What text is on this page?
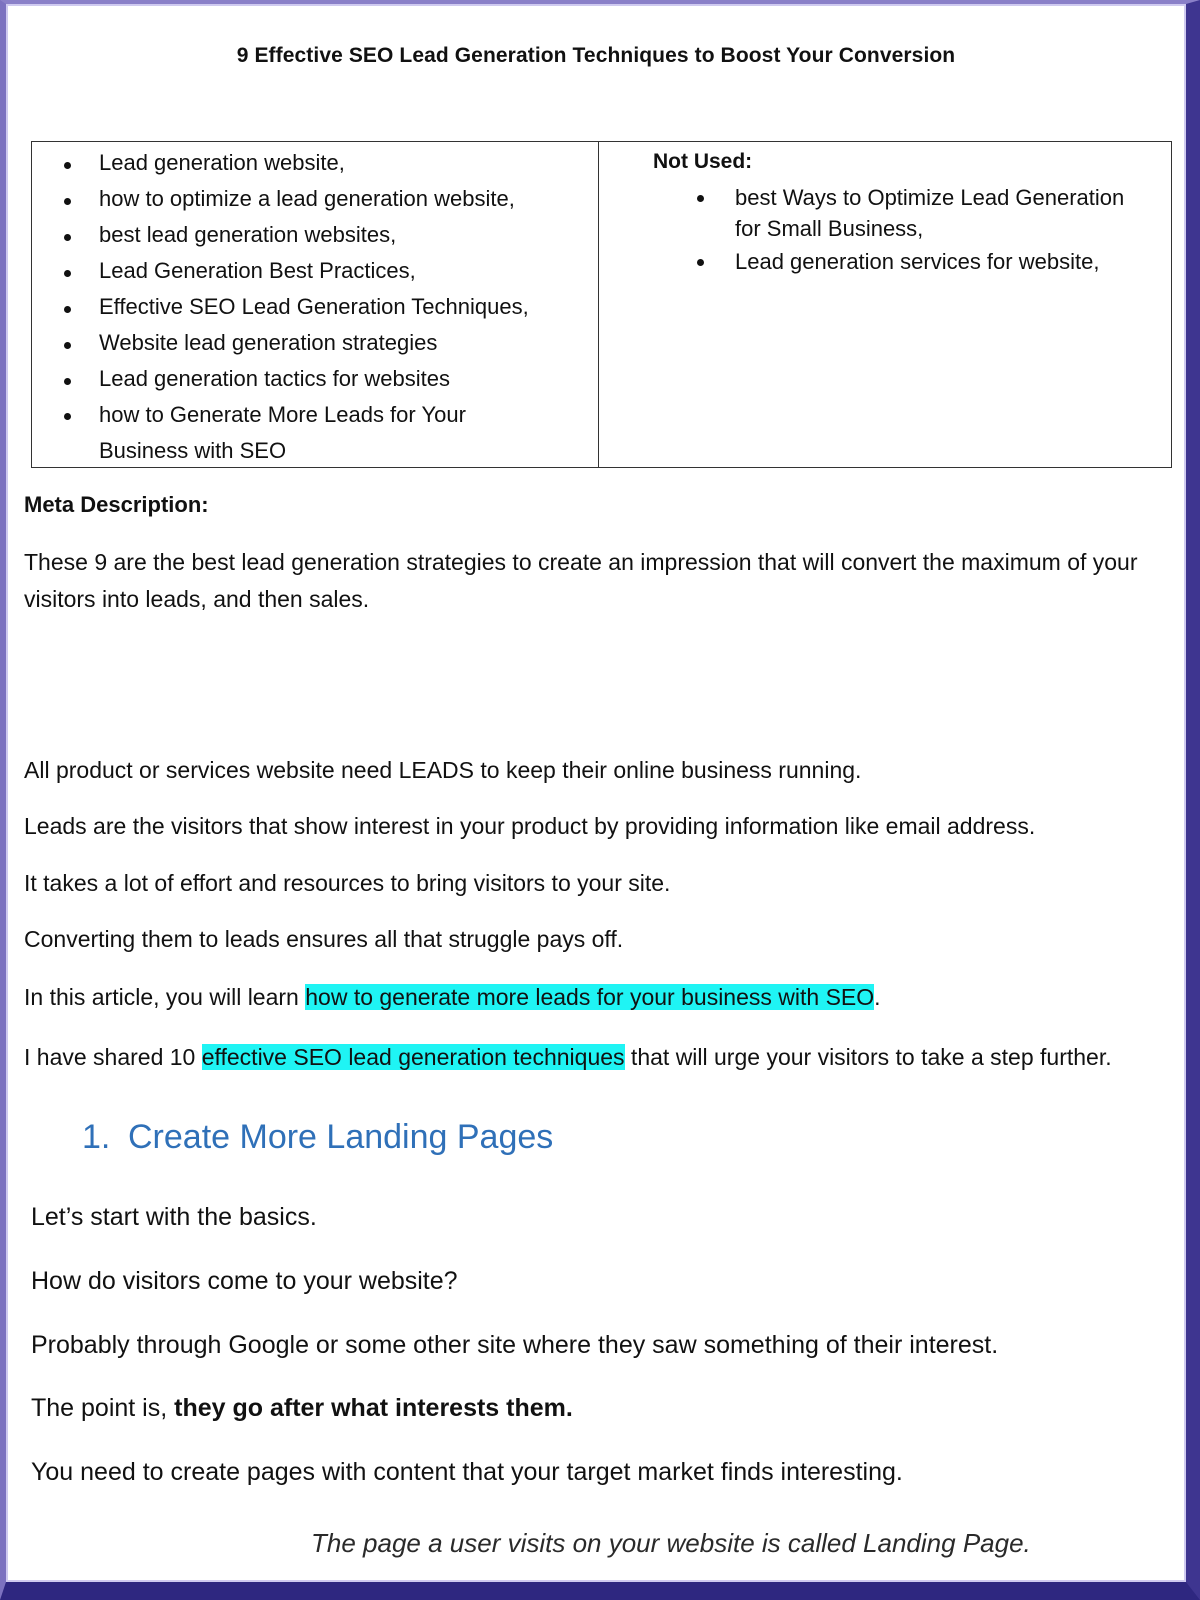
9 Effective SEO Lead Generation Techniques to Boost Your Conversion
Lead generation website,
how to optimize a lead generation website,
best lead generation websites,
Lead Generation Best Practices,
Effective SEO Lead Generation Techniques,
Website lead generation strategies
Lead generation tactics for websites
how to Generate More Leads for Your Business with SEO
Not Used:
best Ways to Optimize Lead Generation for Small Business,
Lead generation services for website,
Meta Description:
These 9 are the best lead generation strategies to create an impression that will convert the maximum of your visitors into leads, and then sales.
All product or services website need LEADS to keep their online business running.
Leads are the visitors that show interest in your product by providing information like email address.
It takes a lot of effort and resources to bring visitors to your site.
Converting them to leads ensures all that struggle pays off.
In this article, you will learn how to generate more leads for your business with SEO.
I have shared 10 effective SEO lead generation techniques that will urge your visitors to take a step further.
1. Create More Landing Pages
Let’s start with the basics.
How do visitors come to your website?
Probably through Google or some other site where they saw something of their interest.
The point is, they go after what interests them.
You need to create pages with content that your target market finds interesting.
The page a user visits on your website is called Landing Page.
